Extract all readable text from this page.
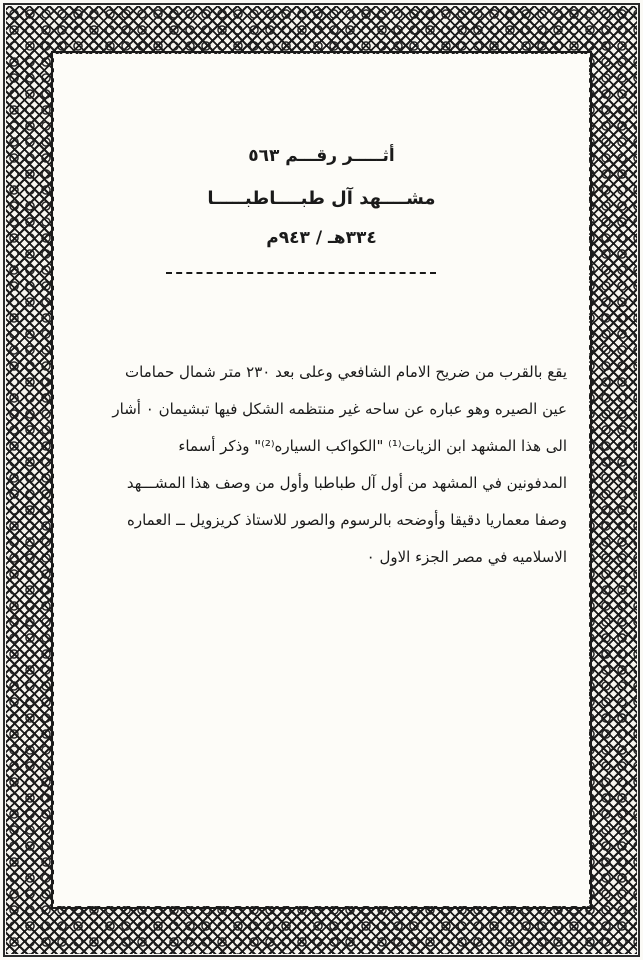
أثـــــر رقـــم ٥٦٣
مشــــهد آل طبــــاطبـــــا
٣٣٤هـ / ٩٤٣م
يقع بالقرب من ضريح الامام الشافعي وعلى بعد ٢٣٠ متر شمال حمامات
عين الصيره وهو عباره عن ساحه غير منتظمه الشكل فيها تبشيمان ٠ أشار
الى هذا المشهد ابن الزيات⁽¹⁾ "الكواكب السياره⁽²⁾" وذكر أسماء
المدفونين في المشهد من أول آل طباطبا وأول من وصف هذا المشـــهد
وصفا معماريا دقيقا وأوضحه بالرسوم والصور للاستاذ كريزويل ــ العماره
الاسلاميه في مصر الجزء الاول ٠
